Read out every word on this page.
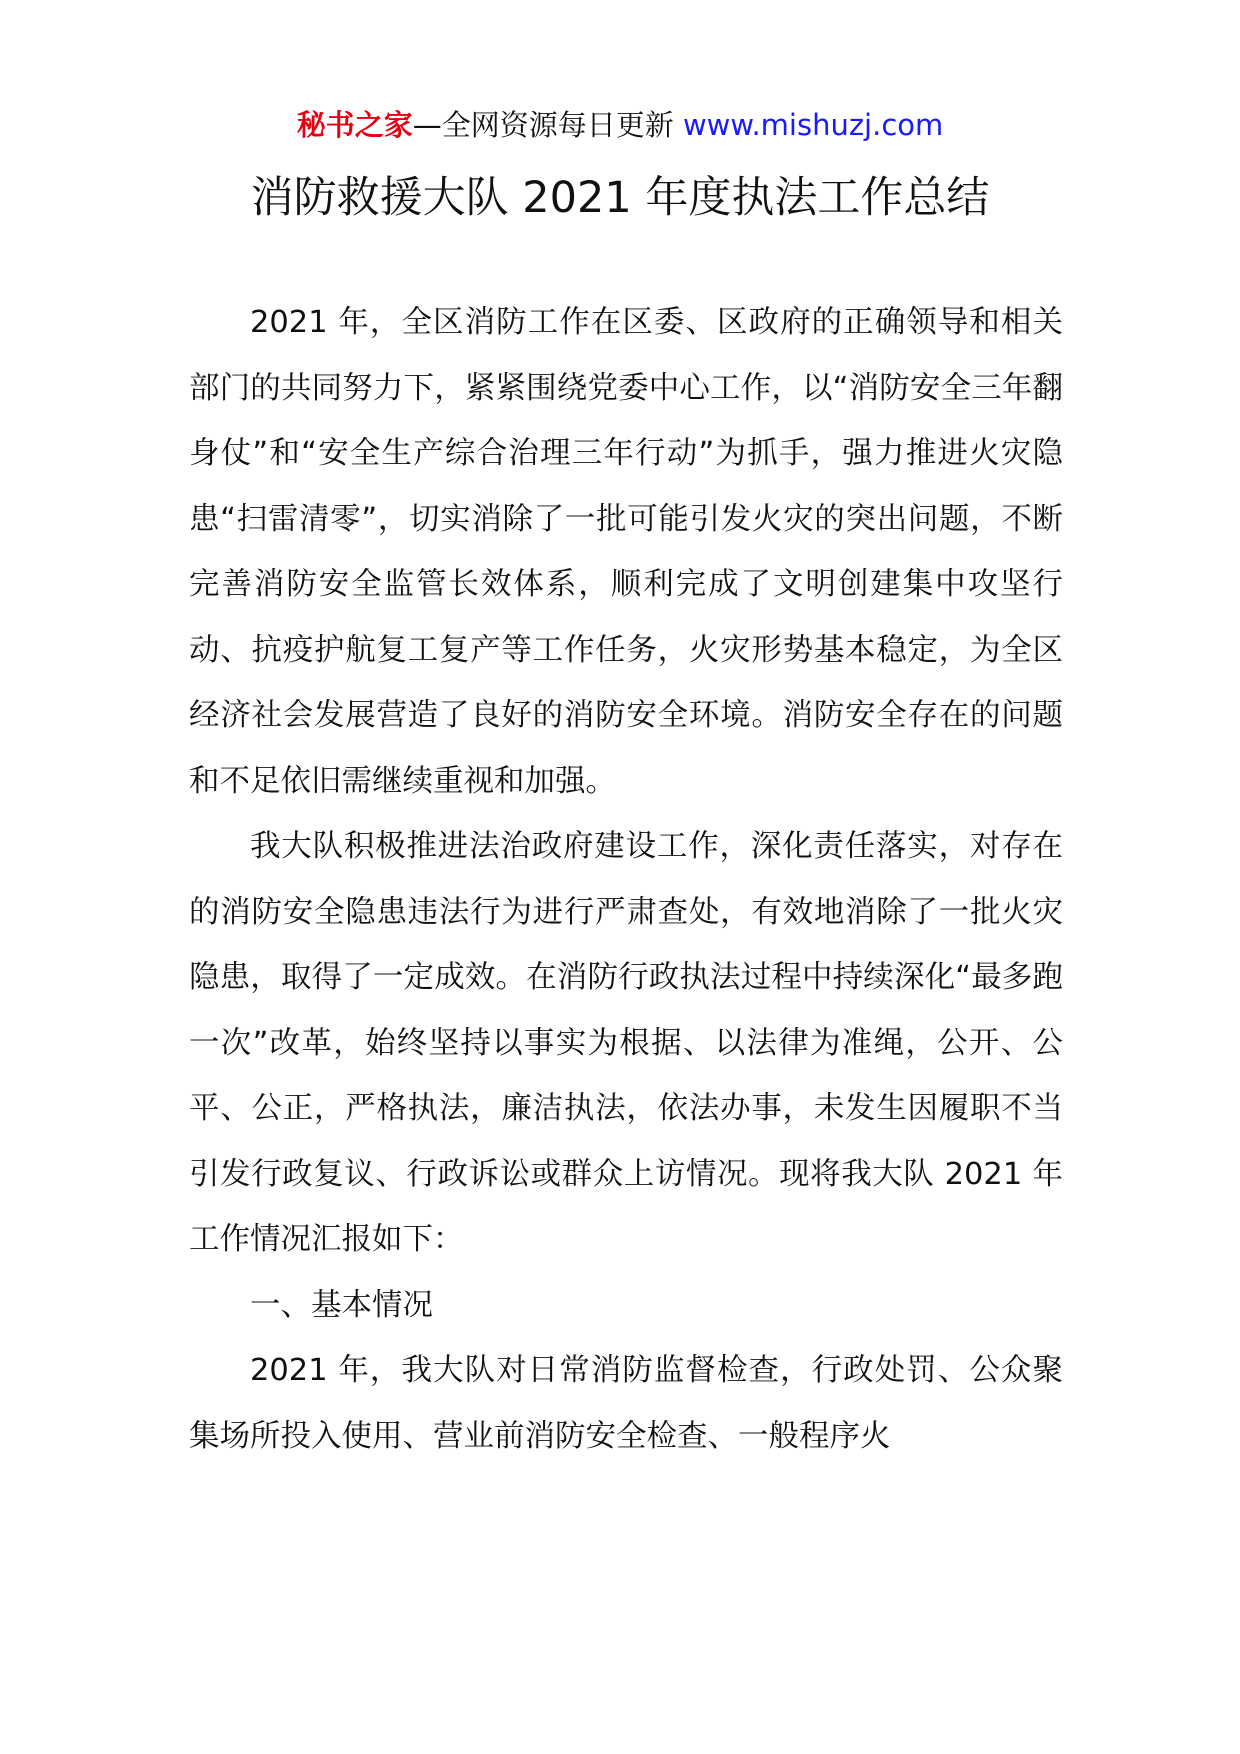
秘书之家—全网资源每日更新 www.mishuzj.com
消防救援大队 2021 年度执法工作总结

2021 年，全区消防工作在区委、区政府的正确领导和相关部门的共同努力下，紧紧围绕党委中心工作，以“消防安全三年翻身仗”和“安全生产综合治理三年行动”为抓手，强力推进火灾隐患“扫雷清零”，切实消除了一批可能引发火灾的突出问题，不断完善消防安全监管长效体系，顺利完成了文明创建集中攻坚行动、抗疫护航复工复产等工作任务，火灾形势基本稳定，为全区经济社会发展营造了良好的消防安全环境。消防安全存在的问题和不足依旧需继续重视和加强。

我大队积极推进法治政府建设工作，深化责任落实，对存在的消防安全隐患违法行为进行严肃查处，有效地消除了一批火灾隐患，取得了一定成效。在消防行政执法过程中持续深化“最多跑一次”改革，始终坚持以事实为根据、以法律为准绳，公开、公平、公正，严格执法，廉洁执法，依法办事，未发生因履职不当引发行政复议、行政诉讼或群众上访情况。现将我大队 2021 年工作情况汇报如下：

一、基本情况

2021 年，我大队对日常消防监督检查，行政处罚、公众聚集场所投入使用、营业前消防安全检查、一般程序火
